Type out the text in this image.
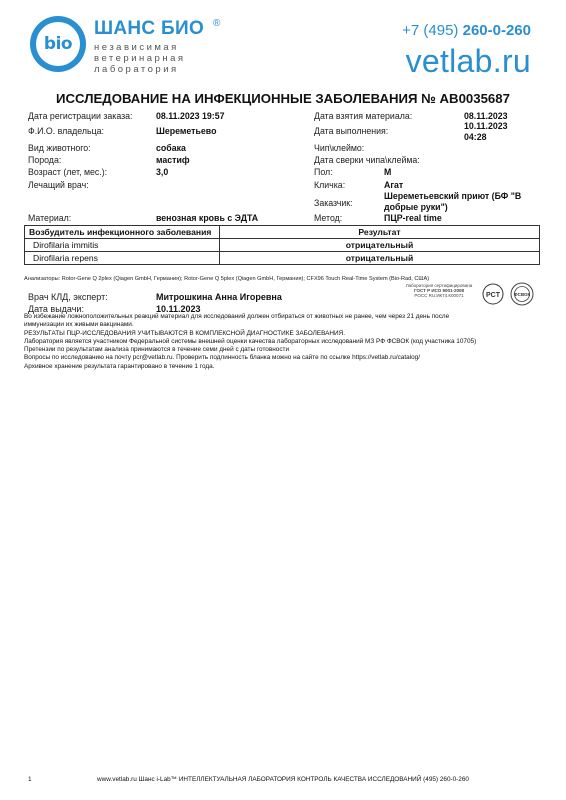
bio
ШАНС БИО ®
независимая
ветеринарная
лаборатория
+7 (495) 260-0-260
vetlab.ru
ИССЛЕДОВАНИЕ НА ИНФЕКЦИОННЫЕ ЗАБОЛЕВАНИЯ № AB0035687
Дата регистрации заказа:	08.11.2023 19:57
Ф.И.О. владельца:	Шереметьево
Вид животного:	собака
Порода:	мастиф
Возраст (лет, мес.):	3,0
Лечащий врач:
Материал:	венозная кровь с ЭДТА
Дата взятия материала:	08.11.2023
Дата выполнения:	10.11.2023
04:28
Чип\клеймо:
Дата сверки чипа\клейма:
Пол:	М
Кличка:	Агат
Заказчик:
Шереметьевский приют (БФ "В
добрые руки")
Метод:	ПЦР-real time
Возбудитель инфекционного заболевания	Результат
Dirofilaria immitis	отрицательный
Dirofilaria repens	отрицательный
Анализаторы: Rotor-Gene Q 2plex (Qiagen GmbH, Германия); Rotor-Gene Q 5plex (Qiagen GmbH, Германия); CFX96 Touch Real-Time System (Bio-Rad, США)
Врач КЛД, эксперт:	Митрошкина Анна Игоревна
Дата выдачи:	10.11.2023
Лаборатория сертифицирована
ГОСТ Р ИСО 9001-2008
РОСС RU.ИК74.К00071	PCT	ФСВОК
Во избежание ложноположительных реакций материал для исследований должен отбираться от животных не ранее, чем через 21 день после
иммунизации их живыми вакцинами.
РЕЗУЛЬТАТЫ ПЦР-ИССЛЕДОВАНИЯ УЧИТЫВАЮТСЯ В КОМПЛЕКСНОЙ ДИАГНОСТИКЕ ЗАБОЛЕВАНИЯ.
Лаборатория является участником Федеральной системы внешней оценки качества лабораторных исследований МЗ РФ ФСВОК (код участника 10705)
Претензии по результатам анализа принимаются в течение семи дней с даты готовности
Вопросы по исследованию на почту pcr@vetlab.ru. Проверить подлинность бланка можно на сайте по ссылке https://vetlab.ru/catalog/
Архивное хранение результата гарантировано в течение 1 года.
1	www.vetlab.ru Шанс i-Lab™ ИНТЕЛЛЕКТУАЛЬНАЯ ЛАБОРАТОРИЯ КОНТРОЛЬ КАЧЕСТВА ИССЛЕДОВАНИЙ (495) 260-0-260
